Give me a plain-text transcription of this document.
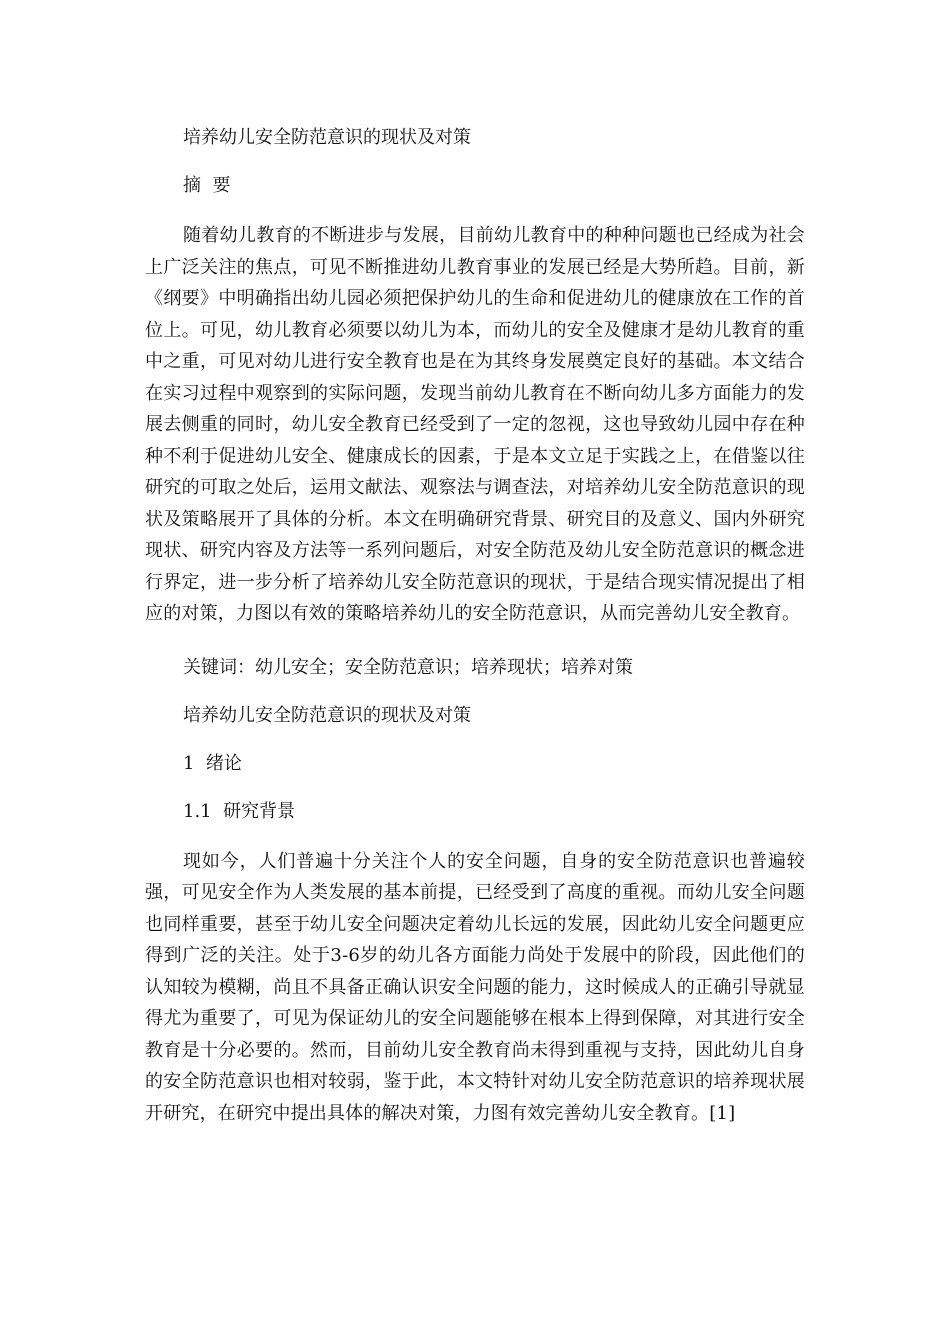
培养幼儿安全防范意识的现状及对策

摘  要

随着幼儿教育的不断进步与发展，目前幼儿教育中的种种问题也已经成为社会上广泛关注的焦点，可见不断推进幼儿教育事业的发展已经是大势所趋。目前，新《纲要》中明确指出幼儿园必须把保护幼儿的生命和促进幼儿的健康放在工作的首位上。可见，幼儿教育必须要以幼儿为本，而幼儿的安全及健康才是幼儿教育的重中之重，可见对幼儿进行安全教育也是在为其终身发展奠定良好的基础。本文结合在实习过程中观察到的实际问题，发现当前幼儿教育在不断向幼儿多方面能力的发展去侧重的同时，幼儿安全教育已经受到了一定的忽视，这也导致幼儿园中存在种种不利于促进幼儿安全、健康成长的因素，于是本文立足于实践之上，在借鉴以往研究的可取之处后，运用文献法、观察法与调查法，对培养幼儿安全防范意识的现状及策略展开了具体的分析。本文在明确研究背景、研究目的及意义、国内外研究现状、研究内容及方法等一系列问题后，对安全防范及幼儿安全防范意识的概念进行界定，进一步分析了培养幼儿安全防范意识的现状，于是结合现实情况提出了相应的对策，力图以有效的策略培养幼儿的安全防范意识，从而完善幼儿安全教育。

关键词：幼儿安全；安全防范意识；培养现状；培养对策

培养幼儿安全防范意识的现状及对策

1  绪论

1.1  研究背景

现如今，人们普遍十分关注个人的安全问题，自身的安全防范意识也普遍较强，可见安全作为人类发展的基本前提，已经受到了高度的重视。而幼儿安全问题也同样重要，甚至于幼儿安全问题决定着幼儿长远的发展，因此幼儿安全问题更应得到广泛的关注。处于3-6岁的幼儿各方面能力尚处于发展中的阶段，因此他们的认知较为模糊，尚且不具备正确认识安全问题的能力，这时候成人的正确引导就显得尤为重要了，可见为保证幼儿的安全问题能够在根本上得到保障，对其进行安全教育是十分必要的。然而，目前幼儿安全教育尚未得到重视与支持，因此幼儿自身的安全防范意识也相对较弱，鉴于此，本文特针对幼儿安全防范意识的培养现状展开研究，在研究中提出具体的解决对策，力图有效完善幼儿安全教育。[1]
